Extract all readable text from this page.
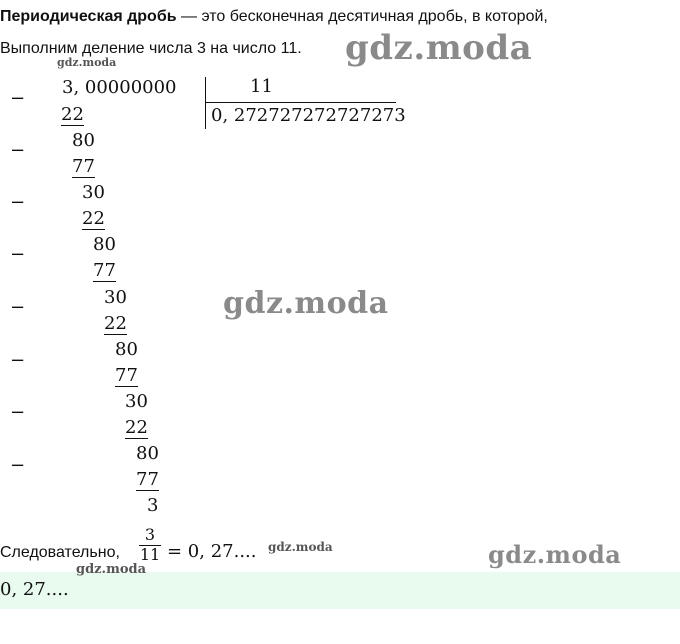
Периодическая дробь — это бесконечная десятичная дробь, в которой,
Выполним деление числа 3 на число 11.
3, 00000000	11
0, 272727272727273
−
−
−
−
−
−
−
−
22
80
77
30
22
80
77
30
22
80
77
30
22
80
77
3
Следовательно,
3
11 = 0, 27....
0, 27....
gdz.moda
gdz.moda
gdz.moda
gdz.moda	gdz.moda
gdz.moda
